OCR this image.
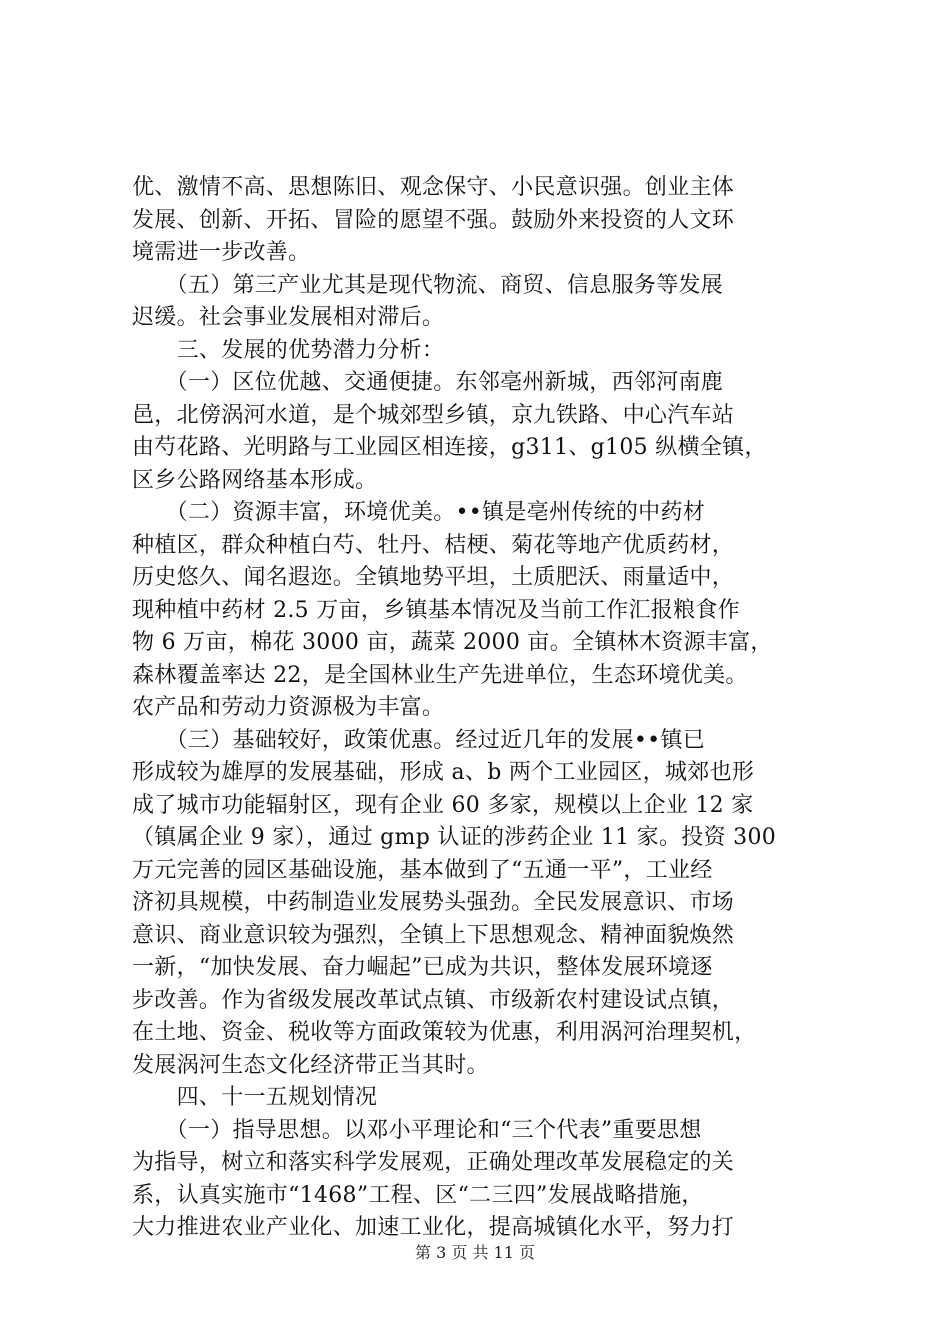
优、激情不高、思想陈旧、观念保守、小民意识强。创业主体
发展、创新、开拓、冒险的愿望不强。鼓励外来投资的人文环
境需进一步改善。
　　（五）第三产业尤其是现代物流、商贸、信息服务等发展
迟缓。社会事业发展相对滞后。
　　三、发展的优势潜力分析：
　　（一）区位优越、交通便捷。东邻亳州新城，西邻河南鹿
邑，北傍涡河水道，是个城郊型乡镇，京九铁路、中心汽车站
由芍花路、光明路与工业园区相连接，g311、g105 纵横全镇，
区乡公路网络基本形成。
　　（二）资源丰富，环境优美。••镇是亳州传统的中药材
种植区，群众种植白芍、牡丹、桔梗、菊花等地产优质药材，
历史悠久、闻名遐迩。全镇地势平坦，土质肥沃、雨量适中，
现种植中药材 2.5 万亩，乡镇基本情况及当前工作汇报粮食作
物 6 万亩，棉花 3000 亩，蔬菜 2000 亩。全镇林木资源丰富，
森林覆盖率达 22，是全国林业生产先进单位，生态环境优美。
农产品和劳动力资源极为丰富。
　　（三）基础较好，政策优惠。经过近几年的发展••镇已
形成较为雄厚的发展基础，形成 a、b 两个工业园区，城郊也形
成了城市功能辐射区，现有企业 60 多家，规模以上企业 12 家
（镇属企业 9 家），通过 gmp 认证的涉药企业 11 家。投资 300
万元完善的园区基础设施，基本做到了“五通一平”，工业经
济初具规模，中药制造业发展势头强劲。全民发展意识、市场
意识、商业意识较为强烈，全镇上下思想观念、精神面貌焕然
一新，“加快发展、奋力崛起”已成为共识，整体发展环境逐
步改善。作为省级发展改革试点镇、市级新农村建设试点镇，
在土地、资金、税收等方面政策较为优惠，利用涡河治理契机，
发展涡河生态文化经济带正当其时。
　　四、十一五规划情况
　　（一）指导思想。以邓小平理论和“三个代表”重要思想
为指导，树立和落实科学发展观，正确处理改革发展稳定的关
系，认真实施市“1468”工程、区“二三四”发展战略措施，
大力推进农业产业化、加速工业化，提高城镇化水平，努力打
第 3 页 共 11 页
